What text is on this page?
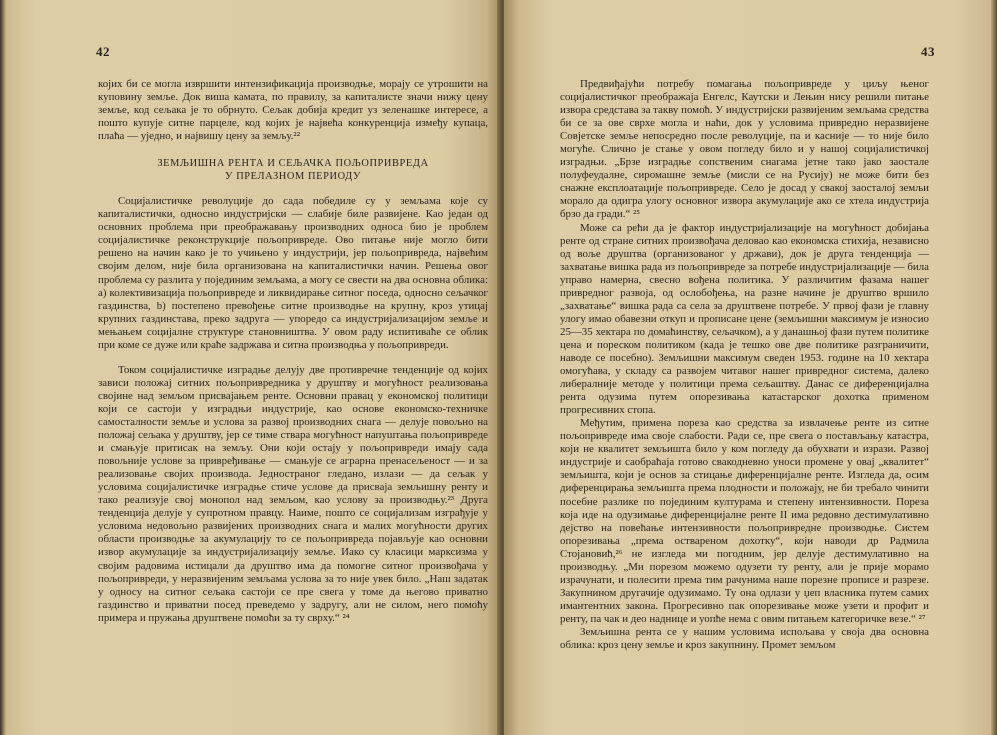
42

којих би се могла извршити интензификација производње, морају се утрошити на куповину земље. Док виша камата, по правилу, за капиталисте значи нижу цену земље, код сељака је то обрнуто. Сељак добија кредит уз зеленашке интересе, а пошто купује ситне парцеле, код којих је највећа конкуренција између купаца, плаћа — уједно, и највишу цену за земљу.²²

ЗЕМЉИШНА РЕНТА И СЕЉАЧКА ПОЉОПРИВРЕДА
У ПРЕЛАЗНОМ ПЕРИОДУ

Социјалистичке револуције до сада победиле су у земљама које су капиталистички, односно индустријски — слабије биле развијене. Као један од основних проблема при преображавању производних односа био је проблем социјалистичке реконструкције пољопривреде. Ово питање није могло бити решено на начин како је то учињено у индустрији, јер пољопривреда, највећим својим делом, није била организована на капиталистички начин. Решења овог проблема су разлита у појединим земљама, а могу се свести на два основна облика: a) колективизација пољопривреде и ликвидирање ситног поседа, односно сељачког газдинства, b) постепено превођење ситне производње на крупну, кроз утицај крупних газдинстава, преко задруга — упоредо са индустријализацијом земље и мењањем социјалне структуре становништва. У овом раду испитиваће се облик при коме се дуже или краће задржава и ситна производња у пољопривреди.

Током социјалистичке изградње делују две противречне тенденције од којих зависи положај ситних пољопривредника у друштву и могућност реализовања својине над земљом присвајањем ренте. Основни правац у економској политици који се састоји у изградњи индустрије, као основе економско-техничке самосталности земље и услова за развој производних снага — делује повољно на положај сељака у друштву, јер се тиме ствара могућност напуштања пољопривреде и смањује притисак на земљу. Они који остају у пољопривреди имају сада повољније услове за привређивање — смањује се аграрна пренасељеност — и за реализовање својих производа. Једностраног гледано, излази — да сељак у условима социјалистичке изградње стиче услове да присваја земљишну ренту и тако реализује свој монопол над земљом, као услову за производњу.²³ Друга тенденција делује у супротном правцу. Наиме, пошто се социјализам изграђује у условима недовољно развијених производних снага и малих могућности других области производње за акумулацију то се пољопривреда појављује као основни извор акумулације за индустријализацију земље. Иако су класици марксизма у својим радовима истицали да друштво има да помогне ситног произвођача у пољопривреди, у неразвијеним земљама услова за то није увек било. „Наш задатак у односу на ситног сељака састоји се пре свега у томе да његово приватно газдинство и приватни посед преведемо у задругу, али не силом, него помоћу примера и пружања друштвене помоћи за ту сврху.“ ²⁴

43

Предвиђајући потребу помагања пољопривреде у циљу њеног социјалистичког преображаја Енгелс, Каутски и Лењин нису решили питање извора средстава за такву помоћ. У индустријски развијеним земљама средства би се за ове сврхе могла и наћи, док у условима привредно неразвијене Совјетске земље непосредно после револуције, па и касније — то није било могуће. Слично је стање у овом погледу било и у нашој социјалистичкој изградњи. „Брзе изградње сопственим снагама јетне тако јако заостале полуфеудалне, сиромашне земље (мисли се на Русију) не може бити без снажне експлоатације пољопривреде. Село је досад у свакој заосталој земљи морало да одигра улогу основног извора акумулације ако се хтела индустрија брзо да гради.“ ²⁵

Може са рећи да је фактор индустријализације на могућност добијања ренте од стране ситних произвођача деловао као економска стихија, независно од воље друштва (организованог у држави), док је друга тенденција — захватање вишка рада из пољопривреде за потребе индустријализације — била управо намерна, свесно вођена политика. У различитим фазама нашег привредног развоја, од ослобођења, на разне начине је друштво вршило „захватање“ вишка рада са села за друштвене потребе. У првој фази је главну улогу имао обавезни откуп и прописане цене (земљишни максимум је износио 25—35 хектара по домаћинству, сељачком), а у данашњој фази путем политике цена и пореском политиком (када је тешко ове две политике разграничити, наводе се посебно). Земљишни максимум сведен 1953. године на 10 хектара омогућава, у складу са развојем читавог нашег привредног система, далеко либералније методе у политици према сељаштву. Данас се диференцијална рента одузима путем опорезивања катастарског дохотка применом прогресивних стопа.

Међутим, примена пореза као средства за извлачење ренте из ситне пољопривреде има своје слабости. Ради се, пре свега о постављању катастра, који не квалитет земљишта било у ком погледу да обухвати и изрази. Развој индустрије и саобраћаја готово свакодневно уноси промене у овај „квалитет“ земљишта, који је основ за стицање диференцијалне ренте. Изгледа да, осим диференцирања земљишта према плодности и положају, не би требало чинити посебне разлике по појединим културама и степену интензивности. Пореза која иде на одузимање диференцијалне ренте II има редовно дестимулативно дејство на повећање интензивности пољопривредне производње. Систем опорезивања „према оствареном дохотку“, који наводи др Радмила Стојановић,²⁶ не изгледа ми погодним, јер делује дестимулативно на производњу. „Ми порезом можемо одузети ту ренту, али је прије морамо израчунати, и полесити према тим рачунима наше порезне прописе и разрезе. Закупнином другачије одузимамо. Ту она одлази у џеп власника путем самих имантентних закона. Прогресивно пак опорезивање може узети и профит и ренту, па чак и део наднице и уопће нема с овим питањем категоричке везе.“ ²⁷

Земљишна рента се у нашим условима испољава у своја два основна облика: кроз цену земље и кроз закупнину. Промет земљом
